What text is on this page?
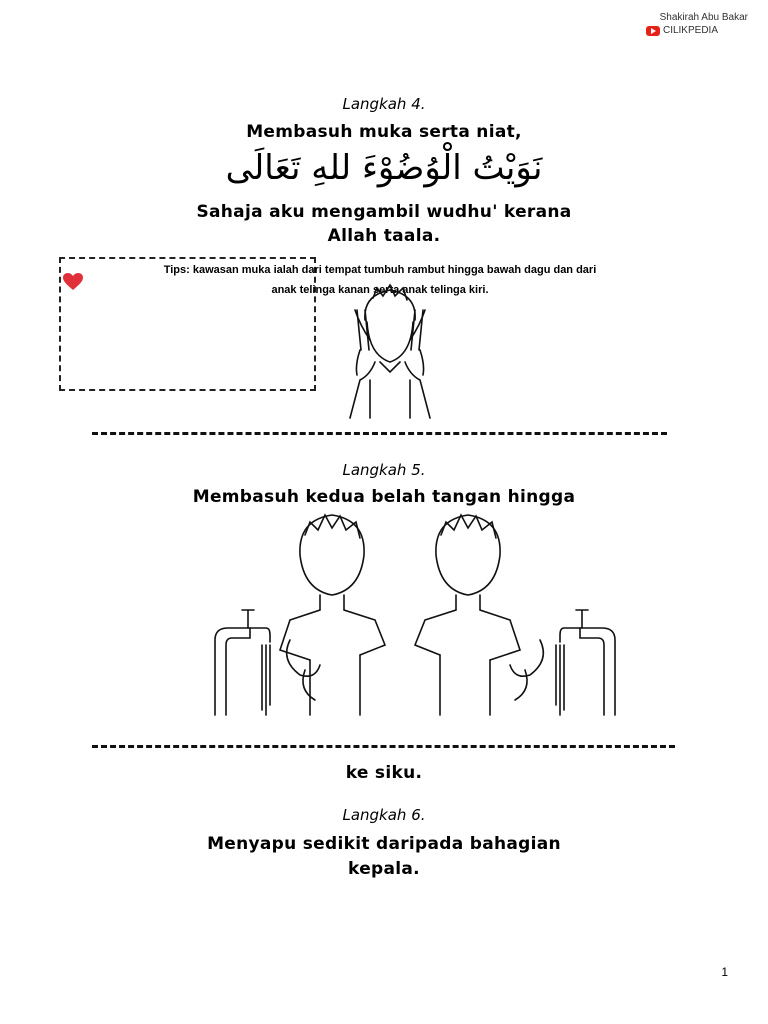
Shakirah Abu Bakar
CILIKPEDIA
Langkah 4.
Membasuh muka serta niat,
نَوَيْتُ الْوُضُوْءَ للهِ تَعَالَى
Sahaja aku mengambil wudhu' kerana
Allah taala.
Tips: kawasan muka ialah dari tempat tumbuh rambut hingga bawah dagu dan dari
anak telinga kanan serta anak telinga kiri.
Langkah 5.
Membasuh kedua belah tangan hingga
ke siku.
Langkah 6.
Menyapu sedikit daripada bahagian
kepala.
1
